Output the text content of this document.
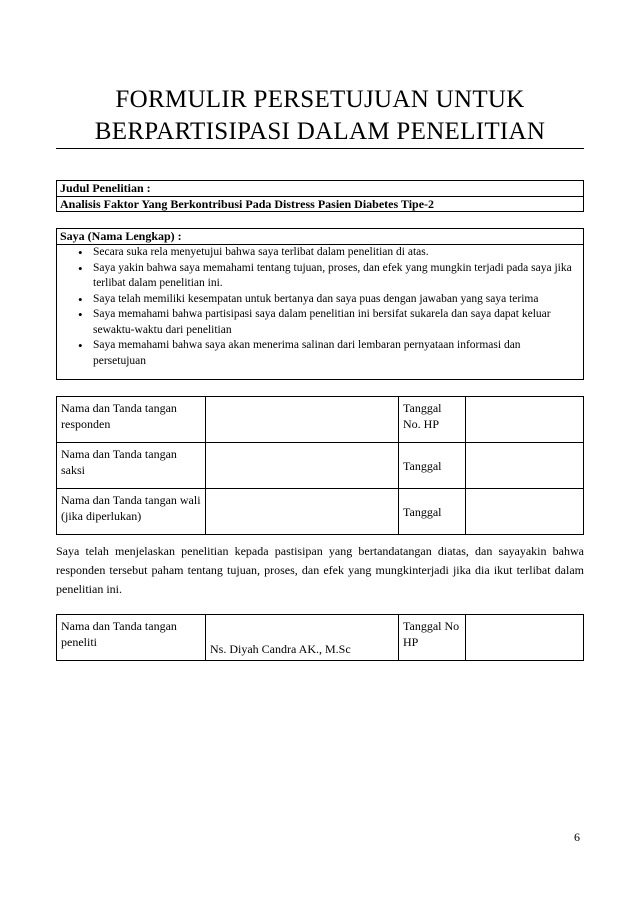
FORMULIR PERSETUJUAN UNTUK
BERPARTISIPASI DALAM PENELITIAN
Judul Penelitian :
Analisis Faktor Yang Berkontribusi Pada Distress Pasien Diabetes Tipe-2
Saya (Nama Lengkap) :
• Secara suka rela menyetujui bahwa saya terlibat dalam penelitian di atas.
• Saya yakin bahwa saya memahami tentang tujuan, proses, dan efek yang mungkin terjadi pada saya jika terlibat dalam penelitian ini.
• Saya telah memiliki kesempatan untuk bertanya dan saya puas dengan jawaban yang saya terima
• Saya memahami bahwa partisipasi saya dalam penelitian ini bersifat sukarela dan saya dapat keluar sewaktu-waktu dari penelitian
• Saya memahami bahwa saya akan menerima salinan dari lembaran pernyataan informasi dan persetujuan
Nama dan Tanda tangan responden		Tanggal No. HP	
Nama dan Tanda tangan saksi		Tanggal	
Nama dan Tanda tangan wali (jika diperlukan)		Tanggal	
Saya telah menjelaskan penelitian kepada pastisipan yang bertandatangan diatas, dan sayayakin bahwa responden tersebut paham tentang tujuan, proses, dan efek yang mungkinterjadi jika dia ikut terlibat dalam penelitian ini.
Nama dan Tanda tangan peneliti	Ns. Diyah Candra AK., M.Sc	Tanggal No HP	
6
